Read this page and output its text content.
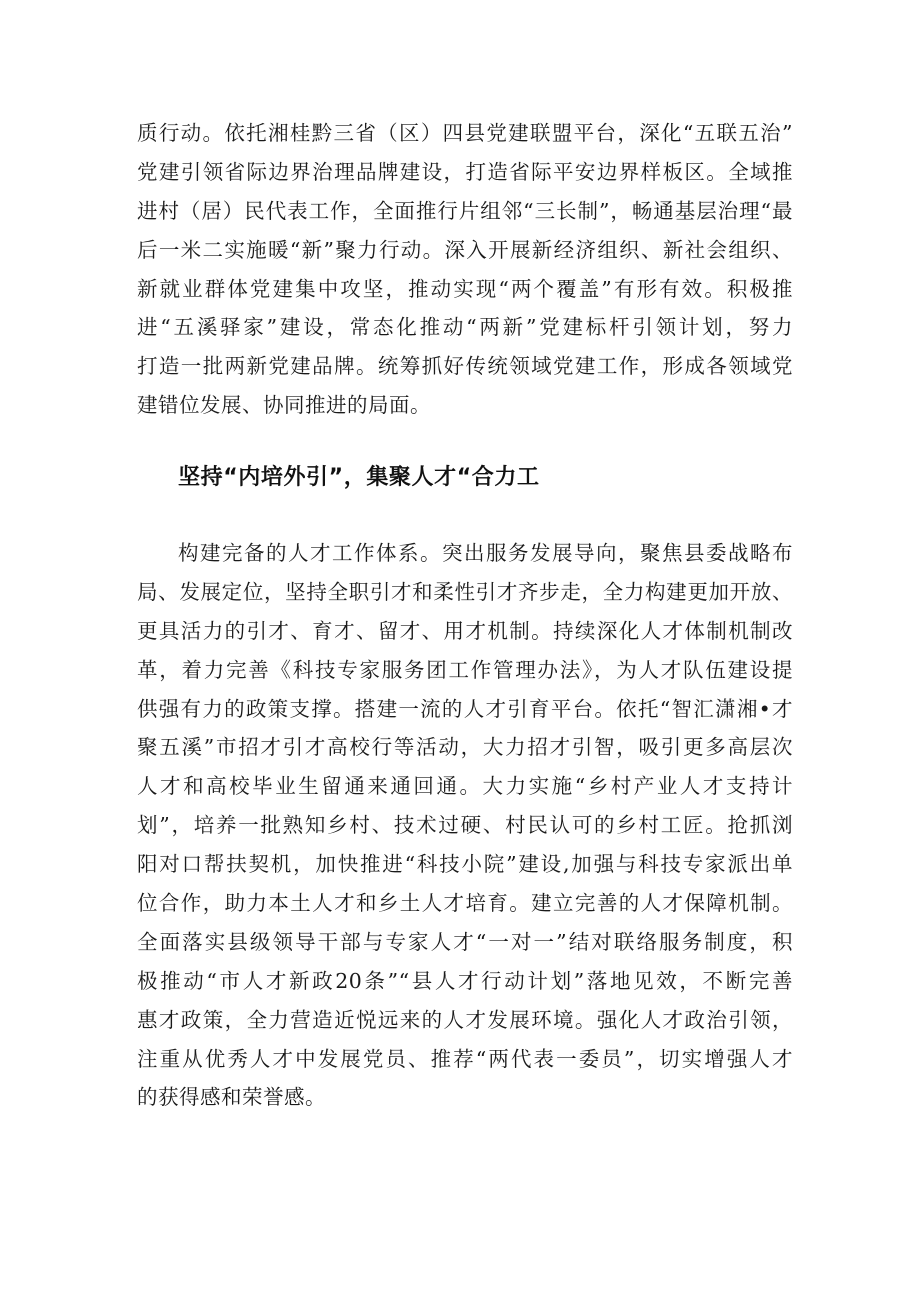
质行动。依托湘桂黔三省（区）四县党建联盟平台，深化“五联五治”
党建引领省际边界治理品牌建设，打造省际平安边界样板区。全域推
进村（居）民代表工作，全面推行片组邻“三长制”，畅通基层治理“最
后一米二实施暖“新”聚力行动。深入开展新经济组织、新社会组织、
新就业群体党建集中攻坚，推动实现“两个覆盖”有形有效。积极推
进“五溪驿家”建设，常态化推动“两新”党建标杆引领计划，努力
打造一批两新党建品牌。统筹抓好传统领域党建工作，形成各领域党
建错位发展、协同推进的局面。
坚持“内培外引”，集聚人才“合力工
构建完备的人才工作体系。突出服务发展导向，聚焦县委战略布
局、发展定位，坚持全职引才和柔性引才齐步走，全力构建更加开放、
更具活力的引才、育才、留才、用才机制。持续深化人才体制机制改
革，着力完善《科技专家服务团工作管理办法》，为人才队伍建设提
供强有力的政策支撑。搭建一流的人才引育平台。依托“智汇潇湘•才
聚五溪”市招才引才高校行等活动，大力招才引智，吸引更多高层次
人才和高校毕业生留通来通回通。大力实施“乡村产业人才支持计
划”，培养一批熟知乡村、技术过硬、村民认可的乡村工匠。抢抓浏
阳对口帮扶契机，加快推进“科技小院”建设,加强与科技专家派出单
位合作，助力本土人才和乡土人才培育。建立完善的人才保障机制。
全面落实县级领导干部与专家人才“一对一”结对联络服务制度，积
极推动“市人才新政20条”“县人才行动计划”落地见效，不断完善
惠才政策，全力营造近悦远来的人才发展环境。强化人才政治引领，
注重从优秀人才中发展党员、推荐“两代表一委员”，切实增强人才
的获得感和荣誉感。
